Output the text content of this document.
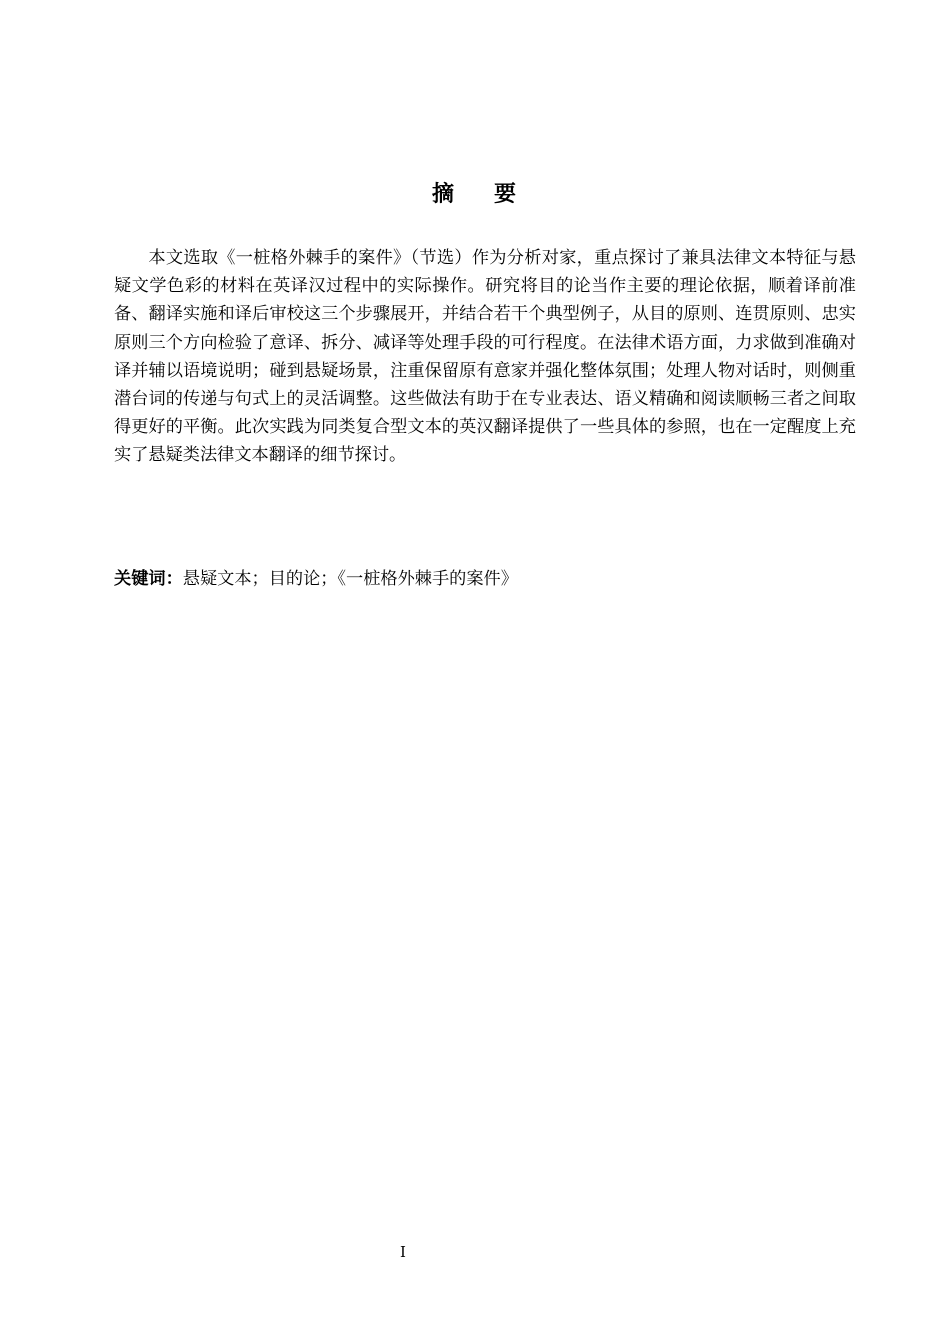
摘 要

本文选取《一桩格外棘手的案件》（节选）作为分析对家，重点探讨了兼具法律文本特征与悬疑文学色彩的材料在英译汉过程中的实际操作。研究将目的论当作主要的理论依据，顺着译前准备、翻译实施和译后审校这三个步骤展开，并结合若干个典型例子，从目的原则、连贯原则、忠实原则三个方向检验了意译、拆分、减译等处理手段的可行程度。在法律术语方面，力求做到准确对译并辅以语境说明；碰到悬疑场景，注重保留原有意家并强化整体氛围；处理人物对话时，则侧重潜台词的传递与句式上的灵活调整。这些做法有助于在专业表达、语义精确和阅读顺畅三者之间取得更好的平衡。此次实践为同类复合型文本的英汉翻译提供了一些具体的参照，也在一定醒度上充实了悬疑类法律文本翻译的细节探讨。

关键词：悬疑文本；目的论；《一桩格外棘手的案件》

I
